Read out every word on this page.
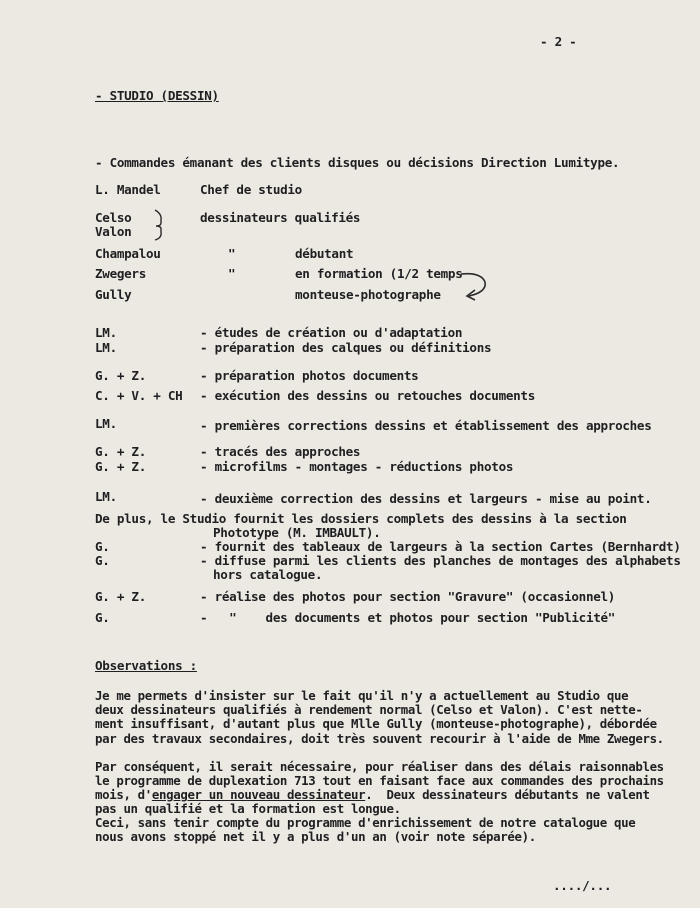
- 2 -
- STUDIO (DESSIN)
- Commandes émanant des clients disques ou décisions Direction Lumitype.
L. Mandel	Chef de studio
Celso	dessinateurs qualifiés
Valon
Champalou	"	débutant
Zwegers	"	en formation (1/2 temps
Gully	monteuse-photographe
LM.	- études de création ou d'adaptation
LM.	- préparation des calques ou définitions
G. + Z.	- préparation photos documents
C. + V. + CH - exécution des dessins ou retouches documents
LM.	- premières corrections dessins et établissement des approches
G. + Z.	- tracés des approches
G. + Z.	- microfilms - montages - réductions photos
LM.	- deuxième correction des dessins et largeurs - mise au point.
De plus, le Studio fournit les dossiers complets des dessins à la section
Phototype (M. IMBAULT).
G.	- fournit des tableaux de largeurs à la section Cartes (Bernhardt)
G.	- diffuse parmi les clients des planches de montages des alphabets
hors catalogue.
G. + Z.	- réalise des photos pour section "Gravure" (occasionnel)
G.	-   "    des documents et photos pour section "Publicité"
Observations :
Je me permets d'insister sur le fait qu'il n'y a actuellement au Studio que
deux dessinateurs qualifiés à rendement normal (Celso et Valon). C'est nette-
ment insuffisant, d'autant plus que Mlle Gully (monteuse-photographe), débordée
par des travaux secondaires, doit très souvent recourir à l'aide de Mme Zwegers.
Par conséquent, il serait nécessaire, pour réaliser dans des délais raisonnables
le programme de duplexation 713 tout en faisant face aux commandes des prochains
mois, d'engager un nouveau dessinateur.  Deux dessinateurs débutants ne valent
pas un qualifié et la formation est longue.
Ceci, sans tenir compte du programme d'enrichissement de notre catalogue que
nous avons stoppé net il y a plus d'un an (voir note séparée).
..../...
